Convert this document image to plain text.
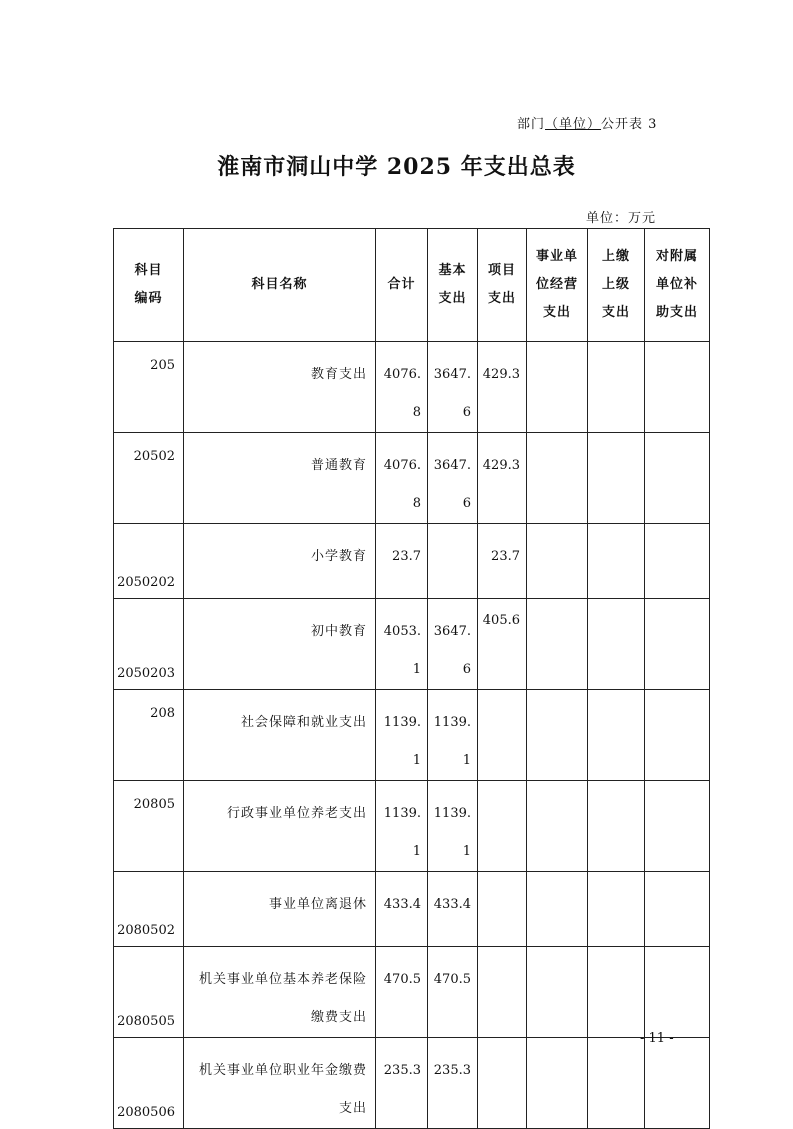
部门（单位）公开表 3
淮南市洞山中学 2025 年支出总表
单位：万元
科目编码	科目名称	合计	基本支出	项目支出	事业单位经营支出	上缴上级支出	对附属单位补助支出
205	教育支出	4076.8	3647.6	429.3			
20502	普通教育	4076.8	3647.6	429.3			
2050202	小学教育	23.7		23.7			
2050203	初中教育	4053.1	3647.6	405.6			
208	社会保障和就业支出	1139.1	1139.1				
20805	行政事业单位养老支出	1139.1	1139.1				
2080502	事业单位离退休	433.4	433.4				
2080505	机关事业单位基本养老保险缴费支出	470.5	470.5				
2080506	机关事业单位职业年金缴费支出	235.3	235.3				
- 11 -
